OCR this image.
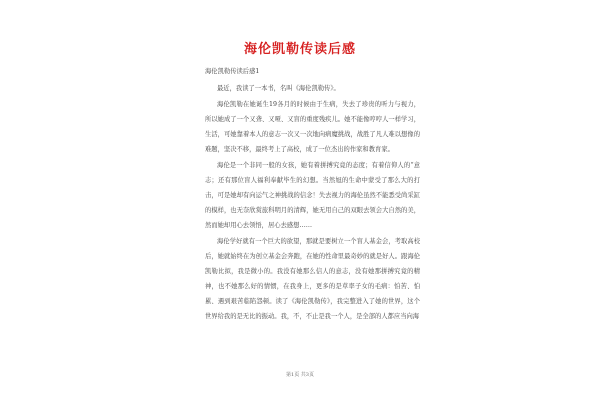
海伦凯勒传读后感

海伦凯勒传读后感1

最近，我读了一本书，名叫《海伦凯勒传》。

海伦凯勒在她诞生19各月的时候由于生病，失去了珍贵的听力与视力，所以她成了一个又聋、又哑、又盲的重度残疾儿。她不能像哼哼人一样学习，生活，可她靠着本人的意志一次又一次地向病魔挑战，战胜了凡人难以想像的难题，坚决不移，最终考上了高校，成了一位杰出的作家和教育家。

海伦是一个非同一般的女孩，她有着拼搏究竟的态度；有着信仰人的“意志；还有那位盲人福利奉献毕生的幻想。当然旭的生命中蒙受了那么大的打击，可是她却有向运气之神挑战的信念！失去视力的海伦虽然不能悉受尚采缸的模样，也无奈欣赏旅科明月的清辉，她无用自己的双眼去领会大自然的美，然而她却用心去领悟，居心去感想……

海伦学好就有一个巨大的欲望，那就是要树立一个盲人基金会，考取高校后，她就始终在为创立基金会奔跑，在她的性命里最奇妙的就是好人。跟海伦凯勒比拟，我是微小的。我没有她那么信人的意志，没有她那拼搏究竟的精神，也不她那么好的情惯，在我身上，更多的是草率子女的毛病：怕苦、怕累、遇到艰苦临陷怨顿。读了《海伦凯勒传》，我完整进入了她的世界，这个世界给我的是无比的振动。我，不，不止是我一个人，是全部的人都应当向海

第1页 共3页
